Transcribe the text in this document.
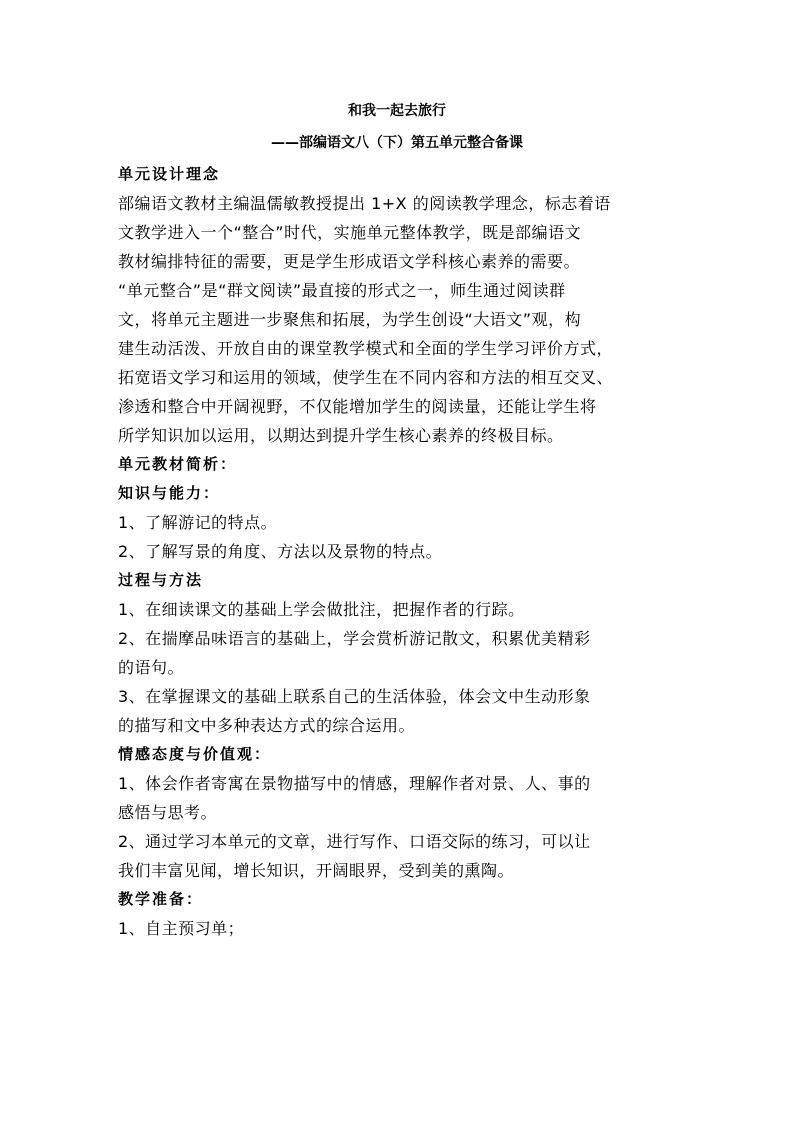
和我一起去旅行
——部编语文八（下）第五单元整合备课
单元设计理念
部编语文教材主编温儒敏教授提出 1+X 的阅读教学理念，标志着语
文教学进入一个“整合”时代，实施单元整体教学，既是部编语文
教材编排特征的需要，更是学生形成语文学科核心素养的需要。
“单元整合”是“群文阅读”最直接的形式之一，师生通过阅读群
文，将单元主题进一步聚焦和拓展，为学生创设“大语文”观，构
建生动活泼、开放自由的课堂教学模式和全面的学生学习评价方式，
拓宽语文学习和运用的领域，使学生在不同内容和方法的相互交叉、
渗透和整合中开阔视野，不仅能增加学生的阅读量，还能让学生将
所学知识加以运用，以期达到提升学生核心素养的终极目标。
单元教材简析：
知识与能力：
1、了解游记的特点。
2、了解写景的角度、方法以及景物的特点。
过程与方法
1、在细读课文的基础上学会做批注，把握作者的行踪。
2、在揣摩品味语言的基础上，学会赏析游记散文，积累优美精彩
的语句。
3、在掌握课文的基础上联系自己的生活体验，体会文中生动形象
的描写和文中多种表达方式的综合运用。
情感态度与价值观：
1、体会作者寄寓在景物描写中的情感，理解作者对景、人、事的
感悟与思考。
2、通过学习本单元的文章，进行写作、口语交际的练习，可以让
我们丰富见闻，增长知识，开阔眼界，受到美的熏陶。
教学准备：
1、自主预习单；
